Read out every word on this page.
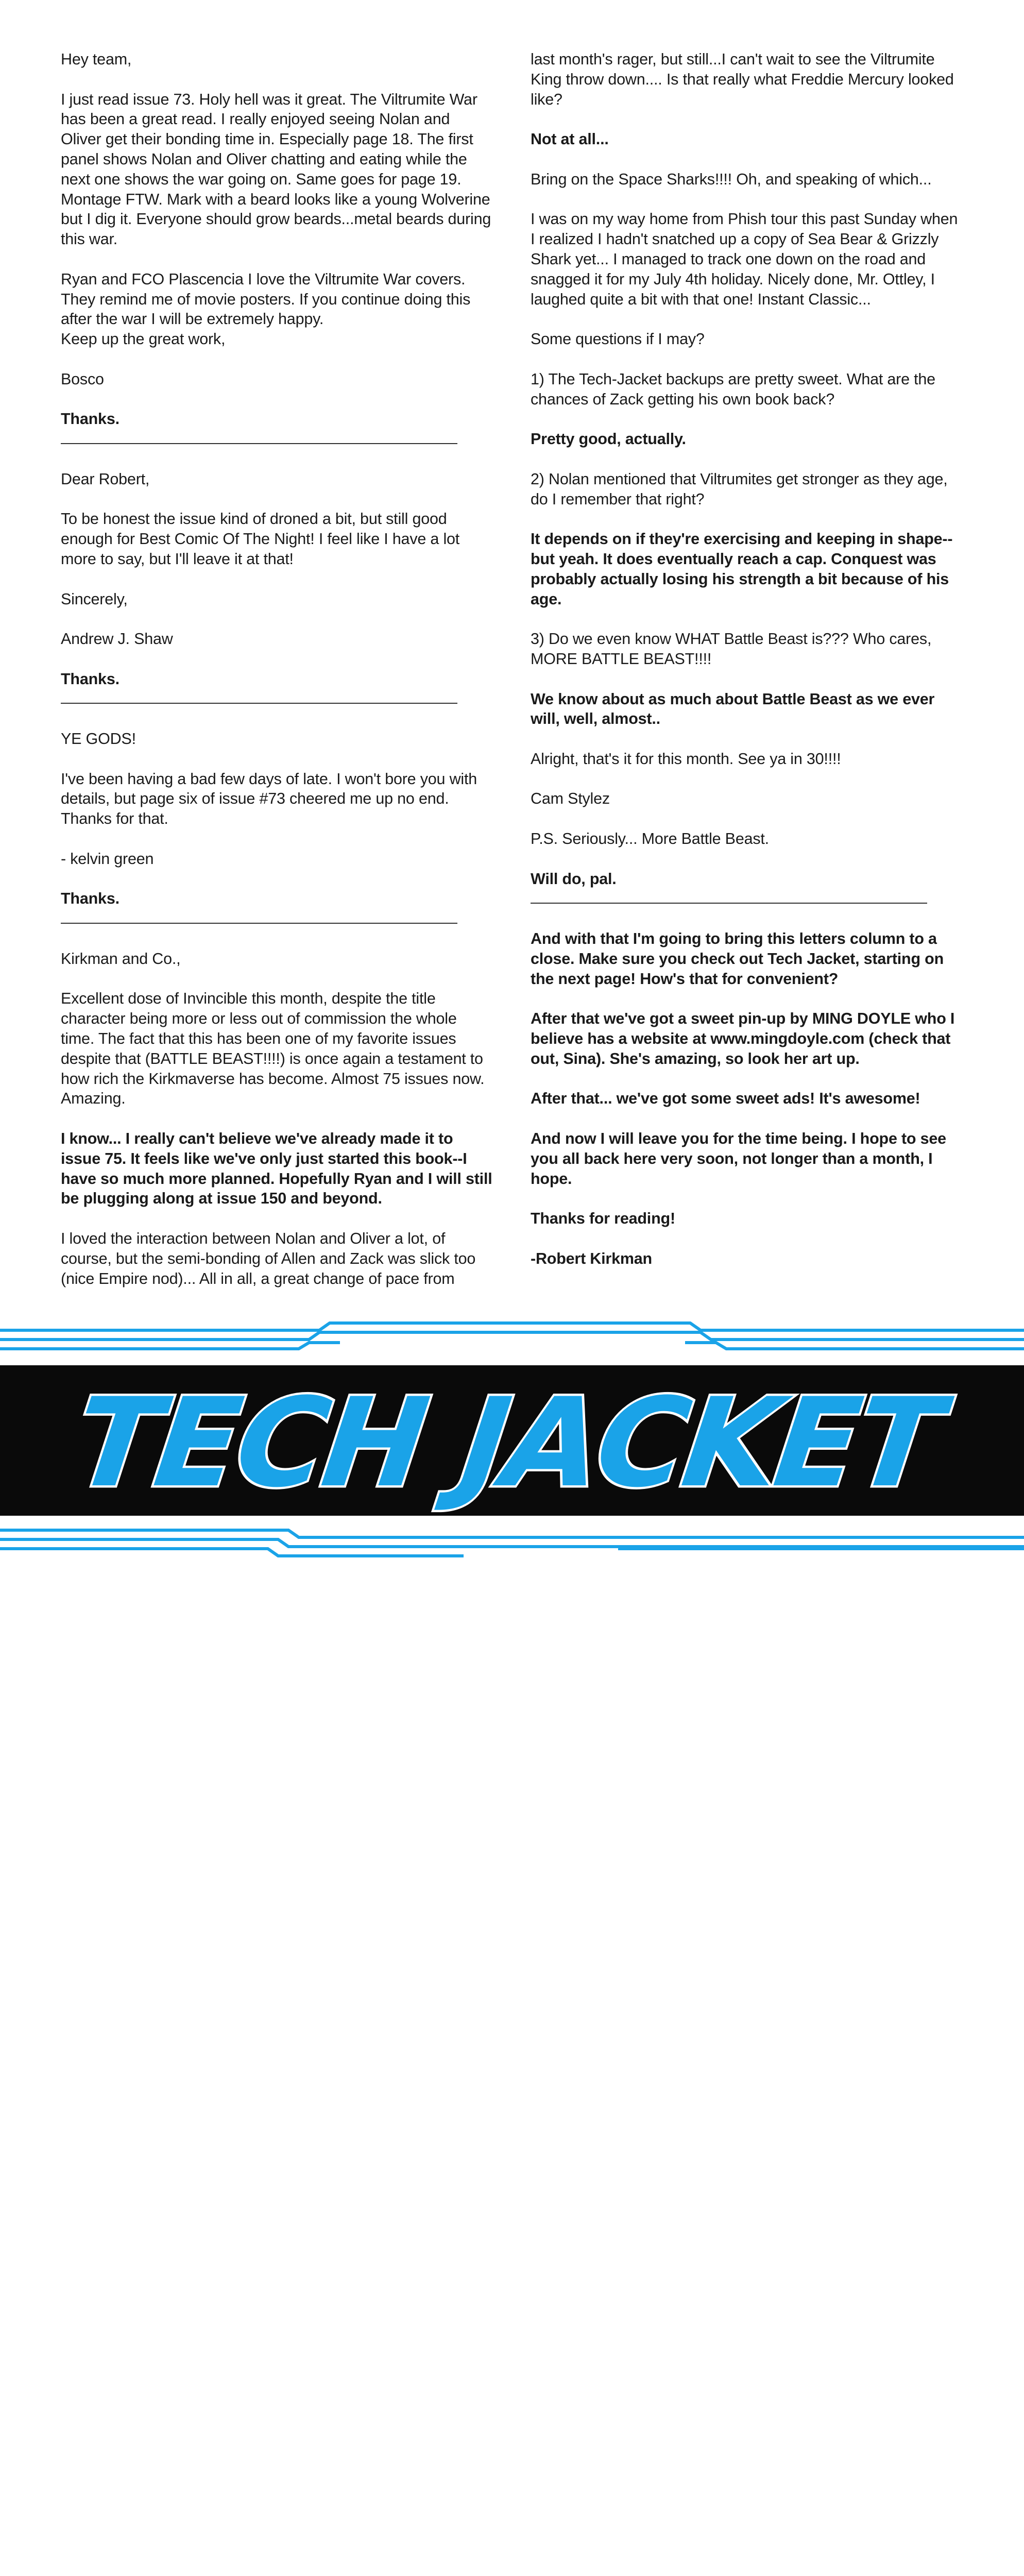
Hey team,

I just read issue 73. Holy hell was it great. The Viltrumite War has been a great read. I really enjoyed seeing Nolan and Oliver get their bonding time in. Especially page 18. The first panel shows Nolan and Oliver chatting and eating while the next one shows the war going on. Same goes for page 19. Montage FTW. Mark with a beard looks like a young Wolverine but I dig it. Everyone should grow beards...metal beards during this war.

Ryan and FCO Plascencia I love the Viltrumite War covers. They remind me of movie posters. If you continue doing this after the war I will be extremely happy.

Keep up the great work,

Bosco

Thanks.

Dear Robert,

To be honest the issue kind of droned a bit, but still good enough for Best Comic Of The Night! I feel like I have a lot more to say, but I'll leave it at that!

Sincerely,

Andrew J. Shaw

Thanks.

YE GODS!

I've been having a bad few days of late. I won't bore you with details, but page six of issue #73 cheered me up no end. Thanks for that.

- kelvin green

Thanks.

Kirkman and Co.,

Excellent dose of Invincible this month, despite the title character being more or less out of commission the whole time. The fact that this has been one of my favorite issues despite that (BATTLE BEAST!!!!) is once again a testament to how rich the Kirkmaverse has become. Almost 75 issues now. Amazing.

I know... I really can't believe we've already made it to issue 75. It feels like we've only just started this book--I have so much more planned. Hopefully Ryan and I will still be plugging along at issue 150 and beyond.

I loved the interaction between Nolan and Oliver a lot, of course, but the semi-bonding of Allen and Zack was slick too (nice Empire nod)... All in all, a great change of pace from

last month's rager, but still...I can't wait to see the Viltrumite King throw down.... Is that really what Freddie Mercury looked like?

Not at all...

Bring on the Space Sharks!!!! Oh, and speaking of which...

I was on my way home from Phish tour this past Sunday when I realized I hadn't snatched up a copy of Sea Bear & Grizzly Shark yet... I managed to track one down on the road and snagged it for my July 4th holiday. Nicely done, Mr. Ottley, I laughed quite a bit with that one! Instant Classic...

Some questions if I may?

1) The Tech-Jacket backups are pretty sweet. What are the chances of Zack getting his own book back?

Pretty good, actually.

2) Nolan mentioned that Viltrumites get stronger as they age, do I remember that right?

It depends on if they're exercising and keeping in shape--but yeah. It does eventually reach a cap. Conquest was probably actually losing his strength a bit because of his age.

3) Do we even know WHAT Battle Beast is??? Who cares, MORE BATTLE BEAST!!!!

We know about as much about Battle Beast as we ever will, well, almost..

Alright, that's it for this month. See ya in 30!!!!

Cam Stylez

P.S. Seriously... More Battle Beast.

Will do, pal.

And with that I'm going to bring this letters column to a close. Make sure you check out Tech Jacket, starting on the next page! How's that for convenient?

After that we've got a sweet pin-up by MING DOYLE who I believe has a website at www.mingdoyle.com (check that out, Sina). She's amazing, so look her art up.

After that... we've got some sweet ads! It's awesome!

And now I will leave you for the time being. I hope to see you all back here very soon, not longer than a month, I hope.

Thanks for reading!

-Robert Kirkman

TECH JACKET
